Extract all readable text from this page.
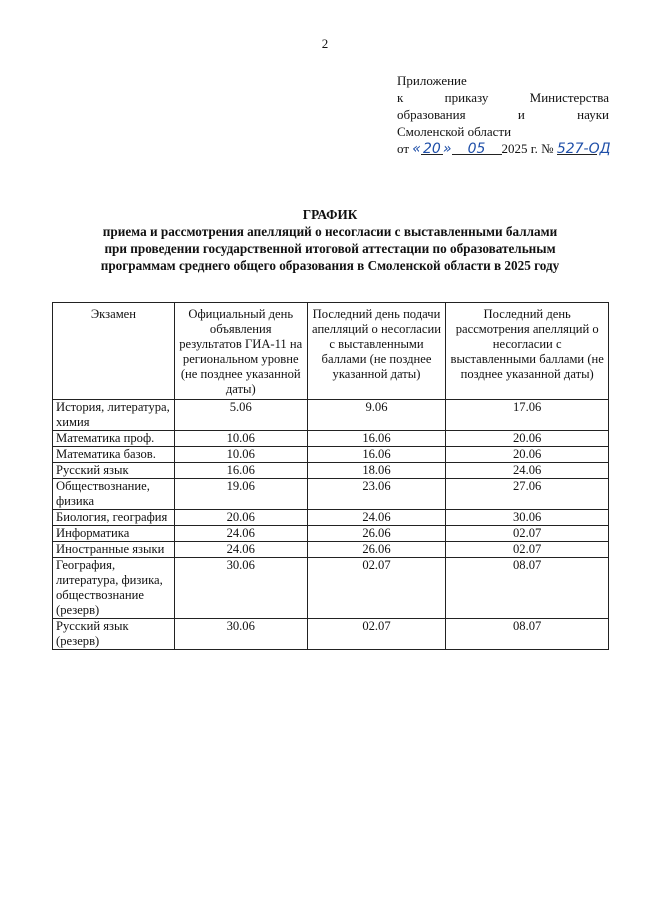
2
Приложение
к	приказу	Министерства
образования	и	науки
Смоленской области
от « 20 » 05 2025 г. № 527-ОД
ГРАФИК
приема и рассмотрения апелляций о несогласии с выставленными баллами
при проведении государственной итоговой аттестации по образовательным
программам среднего общего образования в Смоленской области в 2025 году
Экзамен	Официальный день объявления результатов ГИА-11 на региональном уровне (не позднее указанной даты)	Последний день подачи апелляций о несогласии с выставленными баллами (не позднее указанной даты)	Последний день рассмотрения апелляций о несогласии с выставленными баллами (не позднее указанной даты)
История, литература, химия	5.06	9.06	17.06
Математика проф.	10.06	16.06	20.06
Математика базов.	10.06	16.06	20.06
Русский язык	16.06	18.06	24.06
Обществознание, физика	19.06	23.06	27.06
Биология, география	20.06	24.06	30.06
Информатика	24.06	26.06	02.07
Иностранные языки	24.06	26.06	02.07
География, литература, физика, обществознание (резерв)	30.06	02.07	08.07
Русский язык (резерв)	30.06	02.07	08.07
